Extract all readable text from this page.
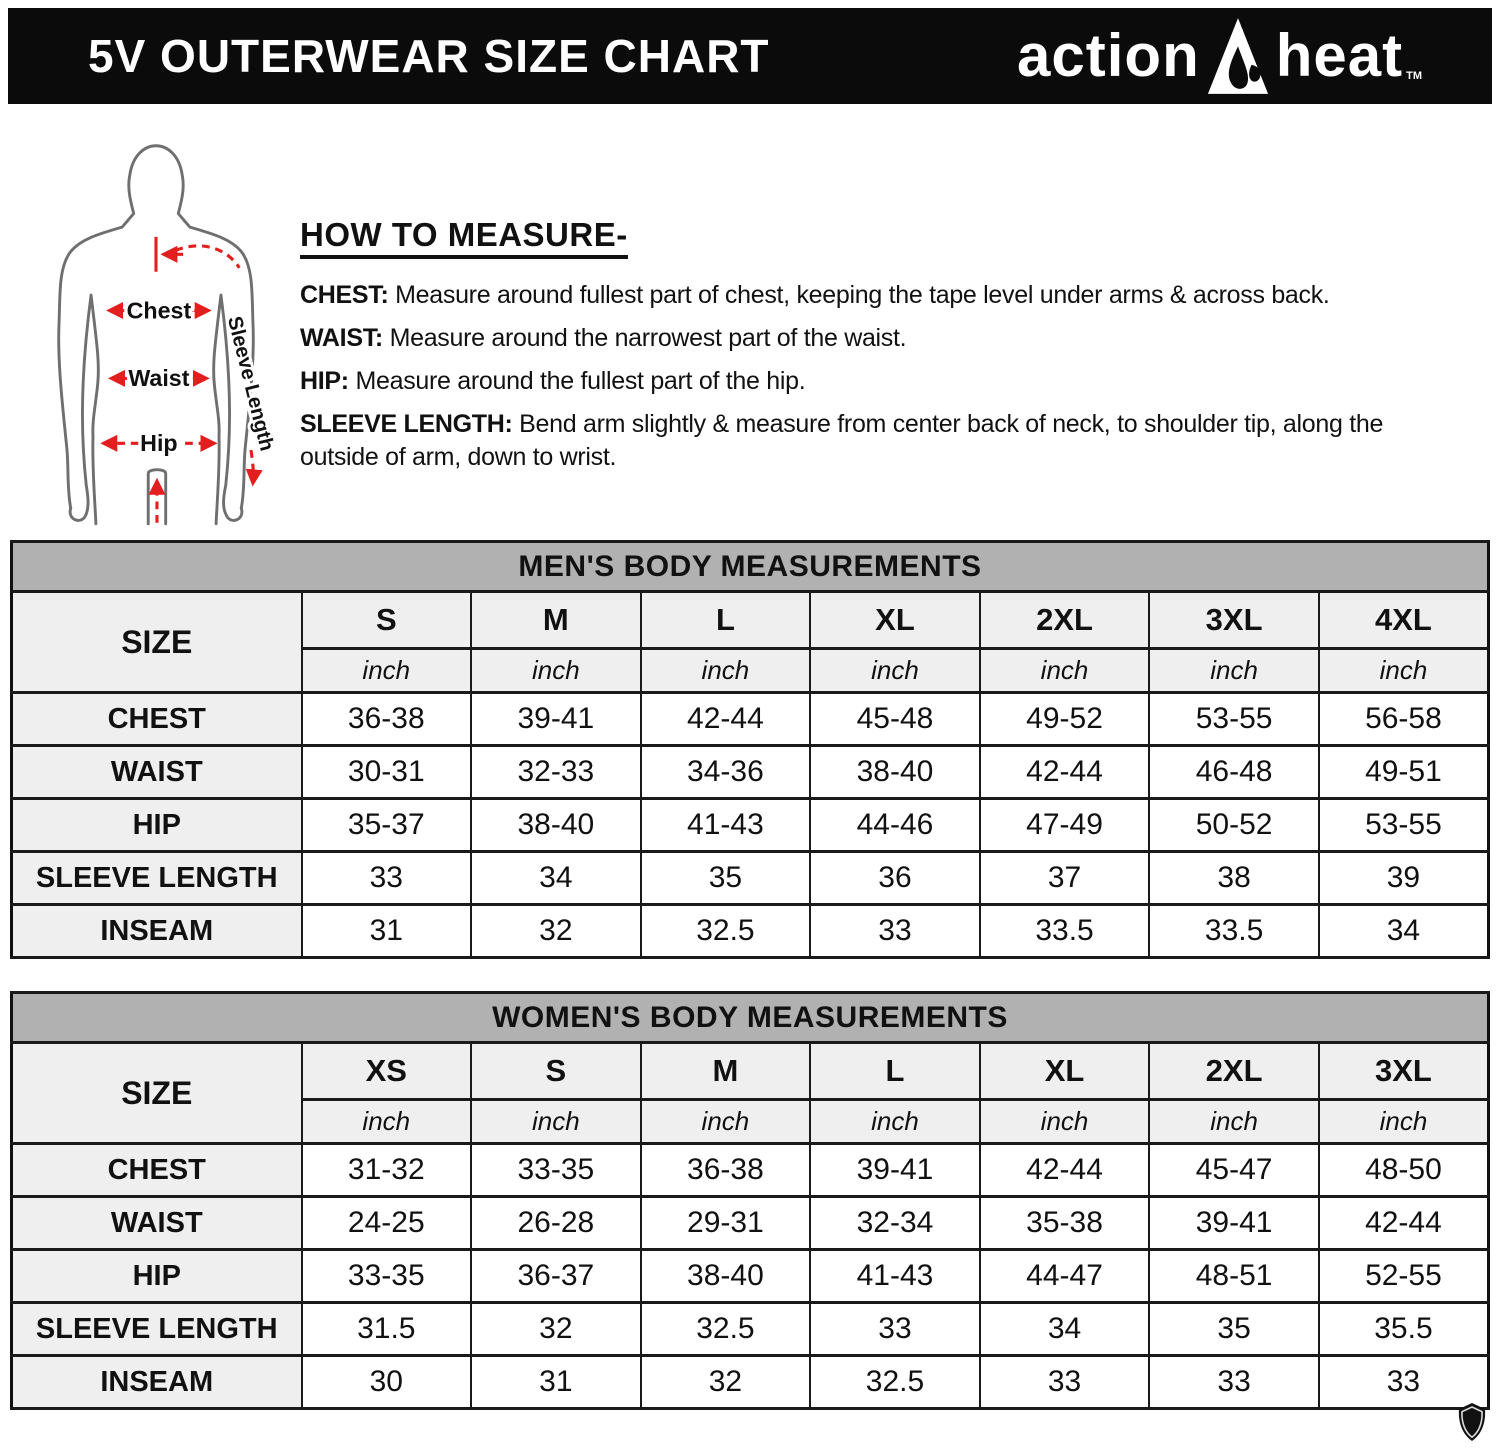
5V OUTERWEAR SIZE CHART	action heat TM
Sleeve Length
Chest
Waist
Hip
HOW TO MEASURE-

CHEST: Measure around fullest part of chest, keeping the tape level under arms & across back.

WAIST: Measure around the narrowest part of the waist.

HIP: Measure around the fullest part of the hip.

SLEEVE LENGTH: Bend arm slightly & measure from center back of neck, to shoulder tip, along the outside of arm, down to wrist.

MEN'S BODY MEASUREMENTS							
SIZE	S	M	L	XL	2XL	3XL	4XL
	inch	inch	inch	inch	inch	inch	inch
CHEST	36-38	39-41	42-44	45-48	49-52	53-55	56-58
WAIST	30-31	32-33	34-36	38-40	42-44	46-48	49-51
HIP	35-37	38-40	41-43	44-46	47-49	50-52	53-55
SLEEVE LENGTH	33	34	35	36	37	38	39
INSEAM	31	32	32.5	33	33.5	33.5	34
WOMEN'S BODY MEASUREMENTS							
SIZE	XS	S	M	L	XL	2XL	3XL
	inch	inch	inch	inch	inch	inch	inch
CHEST	31-32	33-35	36-38	39-41	42-44	45-47	48-50
WAIST	24-25	26-28	29-31	32-34	35-38	39-41	42-44
HIP	33-35	36-37	38-40	41-43	44-47	48-51	52-55
SLEEVE LENGTH	31.5	32	32.5	33	34	35	35.5
INSEAM	30	31	32	32.5	33	33	33
